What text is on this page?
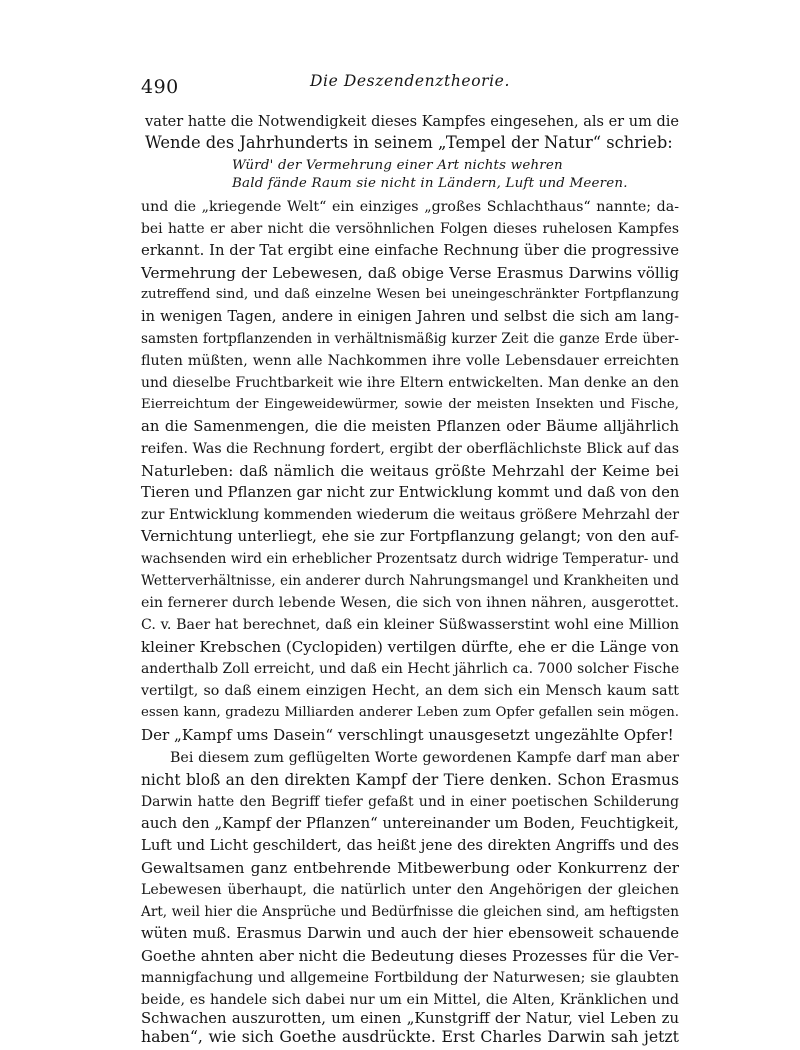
490	Die Deszendenztheorie.
vater hatte die Notwendigkeit dieses Kampfes eingesehen, als er um die
Wende des Jahrhunderts in seinem „Tempel der Natur“ schrieb:
Würd' der Vermehrung einer Art nichts wehren
Bald fände Raum sie nicht in Ländern, Luft und Meeren.
und die „kriegende Welt“ ein einziges „großes Schlachthaus“ nannte; da-
bei hatte er aber nicht die versöhnlichen Folgen dieses ruhelosen Kampfes
erkannt. In der Tat ergibt eine einfache Rechnung über die progressive
Vermehrung der Lebewesen, daß obige Verse Erasmus Darwins völlig
zutreffend sind, und daß einzelne Wesen bei uneingeschränkter Fortpflanzung
in wenigen Tagen, andere in einigen Jahren und selbst die sich am lang-
samsten fortpflanzenden in verhältnismäßig kurzer Zeit die ganze Erde über-
fluten müßten, wenn alle Nachkommen ihre volle Lebensdauer erreichten
und dieselbe Fruchtbarkeit wie ihre Eltern entwickelten. Man denke an den
Eierreichtum der Eingeweidewürmer, sowie der meisten Insekten und Fische,
an die Samenmengen, die die meisten Pflanzen oder Bäume alljährlich
reifen. Was die Rechnung fordert, ergibt der oberflächlichste Blick auf das
Naturleben: daß nämlich die weitaus größte Mehrzahl der Keime bei
Tieren und Pflanzen gar nicht zur Entwicklung kommt und daß von den
zur Entwicklung kommenden wiederum die weitaus größere Mehrzahl der
Vernichtung unterliegt, ehe sie zur Fortpflanzung gelangt; von den auf-
wachsenden wird ein erheblicher Prozentsatz durch widrige Temperatur- und
Wetterverhältnisse, ein anderer durch Nahrungsmangel und Krankheiten und
ein fernerer durch lebende Wesen, die sich von ihnen nähren, ausgerottet.
C. v. Baer hat berechnet, daß ein kleiner Süßwasserstint wohl eine Million
kleiner Krebschen (Cyclopiden) vertilgen dürfte, ehe er die Länge von
anderthalb Zoll erreicht, und daß ein Hecht jährlich ca. 7000 solcher Fische
vertilgt, so daß einem einzigen Hecht, an dem sich ein Mensch kaum satt
essen kann, gradezu Milliarden anderer Leben zum Opfer gefallen sein mögen.
Der „Kampf ums Dasein“ verschlingt unausgesetzt ungezählte Opfer!
Bei diesem zum geflügelten Worte gewordenen Kampfe darf man aber
nicht bloß an den direkten Kampf der Tiere denken. Schon Erasmus
Darwin hatte den Begriff tiefer gefaßt und in einer poetischen Schilderung
auch den „Kampf der Pflanzen“ untereinander um Boden, Feuchtigkeit,
Luft und Licht geschildert, das heißt jene des direkten Angriffs und des
Gewaltsamen ganz entbehrende Mitbewerbung oder Konkurrenz der
Lebewesen überhaupt, die natürlich unter den Angehörigen der gleichen
Art, weil hier die Ansprüche und Bedürfnisse die gleichen sind, am heftigsten
wüten muß. Erasmus Darwin und auch der hier ebensoweit schauende
Goethe ahnten aber nicht die Bedeutung dieses Prozesses für die Ver-
mannigfachung und allgemeine Fortbildung der Naturwesen; sie glaubten
beide, es handele sich dabei nur um ein Mittel, die Alten, Kränklichen und
Schwachen auszurotten, um einen „Kunstgriff der Natur, viel Leben zu
haben“, wie sich Goethe ausdrückte. Erst Charles Darwin sah jetzt
